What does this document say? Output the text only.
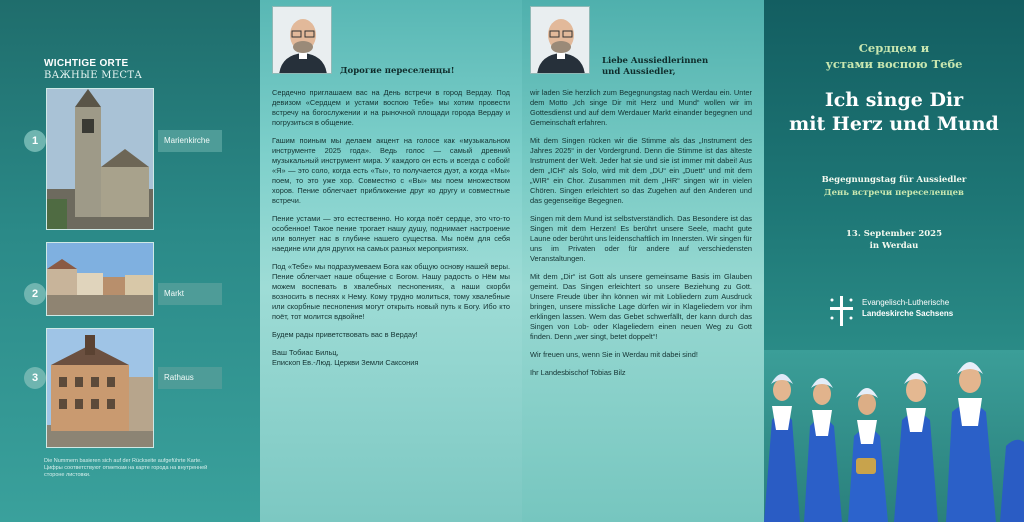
WICHTIGE ORTE
ВАЖНЫЕ МЕСТА
1	Marienkirche
2	Markt
3	Rathaus
Die Nummern basieren sich auf der Rückseite aufgeführte Karte. Цифры соответствуют отметкам на карте города на внутренней стороне листовки.
Дорогие переселенцы!

Сердечно приглашаем вас на День встречи в город Вердау. Под девизом «Сердцем и устами воспою Тебе» мы хотим провести встречу на богослужении и на рыночной площади города Вердау и погрузиться в общение.

Гашим поиным мы делаем акцент на голосе как «музыкальном инструменте 2025 года». Ведь голос — самый древний музыкальный инструмент мира. У каждого он есть и всегда с собой! «Я» — это соло, когда есть «Ты», то получается дуэт, а когда «Мы» поем, то это уже хор. Совместно с «Вы» мы поем множеством хоров. Пение облегчает приближение друг ко другу и совместные встречи.

Пение устами — это естественно. Но когда поёт сердце, это что-то особенное! Такое пение трогает нашу душу, поднимает настроение или волнует нас в глубине нашего существа. Мы поём для себя наедине или для других на самых разных мероприятиях.

Под «Тебе» мы подразумеваем Бога как общую основу нашей веры. Пение облегчает наше общение с Богом. Нашу радость о Нём мы можем воспевать в хвалебных песнопениях, а наши скорби возносить в песнях к Нему. Кому трудно молиться, тому хвалебные или скорбные песнопения могут открыть новый путь к Богу. Ибо кто поёт, тот молится вдвойне!

Будем рады приветствовать вас в Вердау!

Ваш Тобиас Бильц,
Епископ Ев.-Люд. Церкви Земли Саксония
Liebe Aussiedlerinnen
und Aussiedler,

wir laden Sie herzlich zum Begegnungstag nach Werdau ein. Unter dem Motto „Ich singe Dir mit Herz und Mund“ wollen wir im Gottesdienst und auf dem Werdauer Markt einander begegnen und Gemeinschaft erfahren.

Mit dem Singen rücken wir die Stimme als das „Instrument des Jahres 2025“ in der Vordergrund. Denn die Stimme ist das älteste Instrument der Welt. Jeder hat sie und sie ist immer mit dabei! Aus dem „ICH“ als Solo, wird mit dem „DU“ ein „Duett“ und mit dem „WIR“ ein Chor. Zusammen mit dem „IHR“ singen wir in vielen Chören. Singen erleichtert so das Zugehen auf den Anderen und das gegenseitige Begegnen.

Singen mit dem Mund ist selbstverständlich. Das Besondere ist das Singen mit dem Herzen! Es berührt unsere Seele, macht gute Laune oder berührt uns leidenschaftlich im Innersten. Wir singen für uns im Privaten oder für andere auf verschiedensten Veranstaltungen.

Mit dem „Dir“ ist Gott als unsere gemeinsame Basis im Glauben gemeint. Das Singen erleichtert so unsere Beziehung zu Gott. Unsere Freude über ihn können wir mit Lobliedern zum Ausdruck bringen, unsere missliche Lage dürfen wir in Klageliedern vor ihm erklingen lassen. Wem das Gebet schwerfällt, der kann durch das Singen von Lob- oder Klageliedern einen neuen Weg zu Gott finden. Denn „wer singt, betet doppelt“!

Wir freuen uns, wenn Sie in Werdau mit dabei sind!

Ihr Landesbischof Tobias Bilz
Сердцем и
устами воспою Тебе
Ich singe Dir
mit Herz und Mund
Begegnungstag für Aussiedler
День встречи переселенцев
13. September 2025
in Werdau
Evangelisch-Lutherische
Landeskirche Sachsens
